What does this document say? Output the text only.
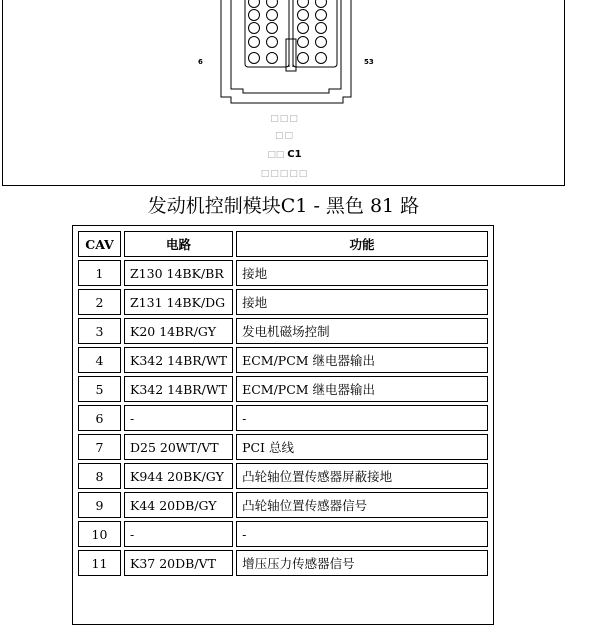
6	53
□□□
□□
□□ C1
□□□□□
发动机控制模块C1 - 黑色 81 路
CAV	电路	功能
1	Z130 14BK/BR	接地
2	Z131 14BK/DG	接地
3	K20 14BR/GY	发电机磁场控制
4	K342 14BR/WT	ECM/PCM 继电器输出
5	K342 14BR/WT	ECM/PCM 继电器输出
6	-	-
7	D25 20WT/VT	PCI 总线
8	K944 20BK/GY	凸轮轴位置传感器屏蔽接地
9	K44 20DB/GY	凸轮轴位置传感器信号
10	-	-
11	K37 20DB/VT	增压压力传感器信号
